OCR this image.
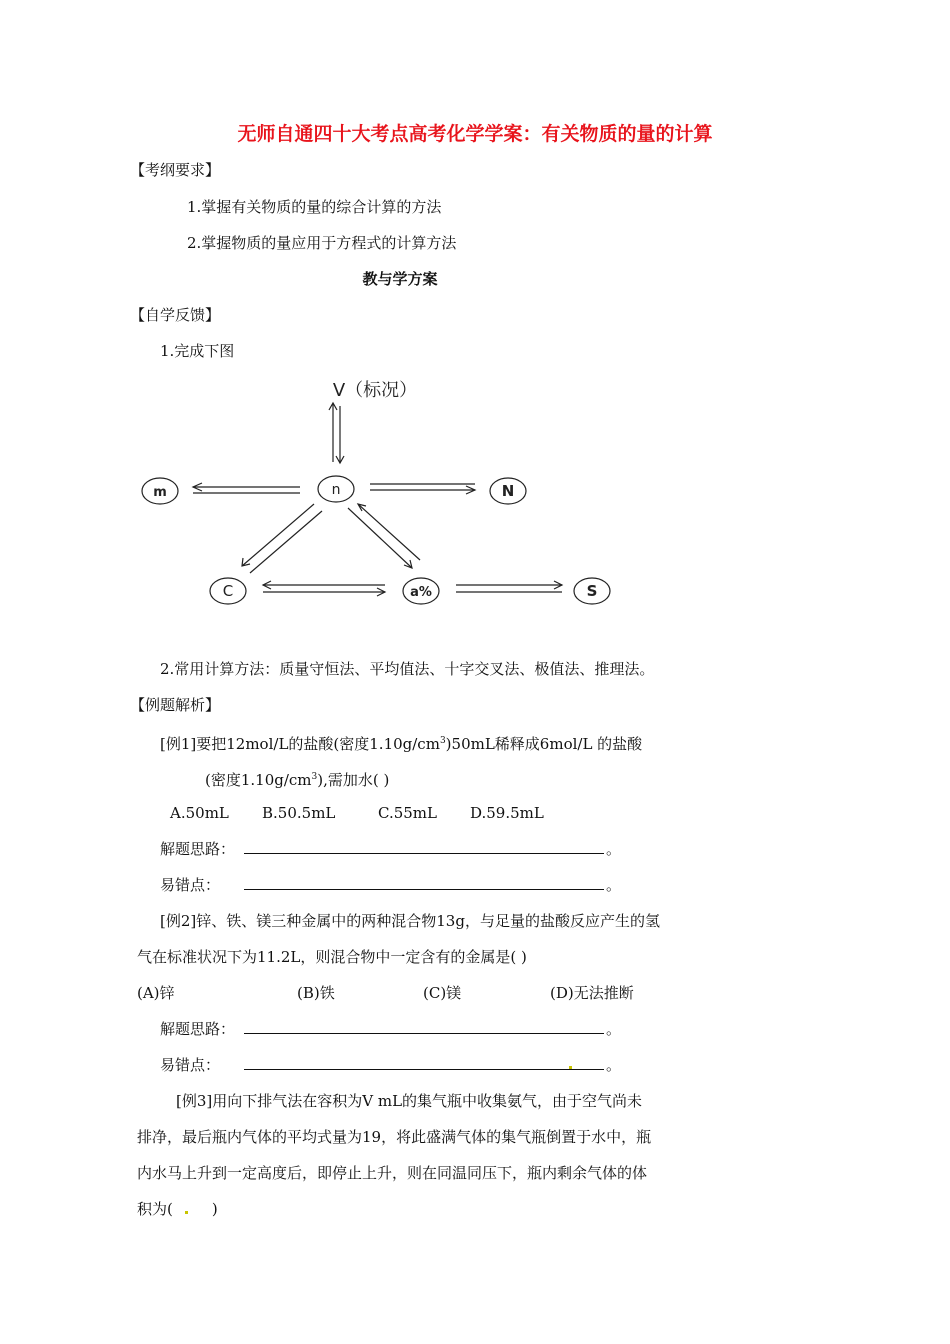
无师自通四十大考点高考化学学案：有关物质的量的计算
【考纲要求】
1.掌握有关物质的量的综合计算的方法
2.掌握物质的量应用于方程式的计算方法
教与学方案
【自学反馈】
1.完成下图
V（标况）
m	n	N
C	a%	S
2.常用计算方法：质量守恒法、平均值法、十字交叉法、极值法、推理法。
【例题解析】
[例1]要把12mol/L的盐酸(密度$1.10g/cm^3)50mL$稀释成6mol/L 的盐酸
(密度$1.10g/cm^3$),需加水( )
A.50mL B.50.5mL	C.55mL D.59.5mL
解题思路：	。
易错点：	。
[例2]锌、铁、镁三种金属中的两种混合物13g，与足量的盐酸反应产生的氢
气在标准状况下为11.2L，则混合物中一定含有的金属是( )
(A)锌	(B)铁	(C)镁	(D)无法推断
解题思路：	。
易错点：	。
[例3]用向下排气法在容积为V mL的集气瓶中收集氨气，由于空气尚未
排净，最后瓶内气体的平均式量为19，将此盛满气体的集气瓶倒置于水中，瓶
内水马上升到一定高度后，即停止上升，则在同温同压下，瓶内剩余气体的体
积为(	)
